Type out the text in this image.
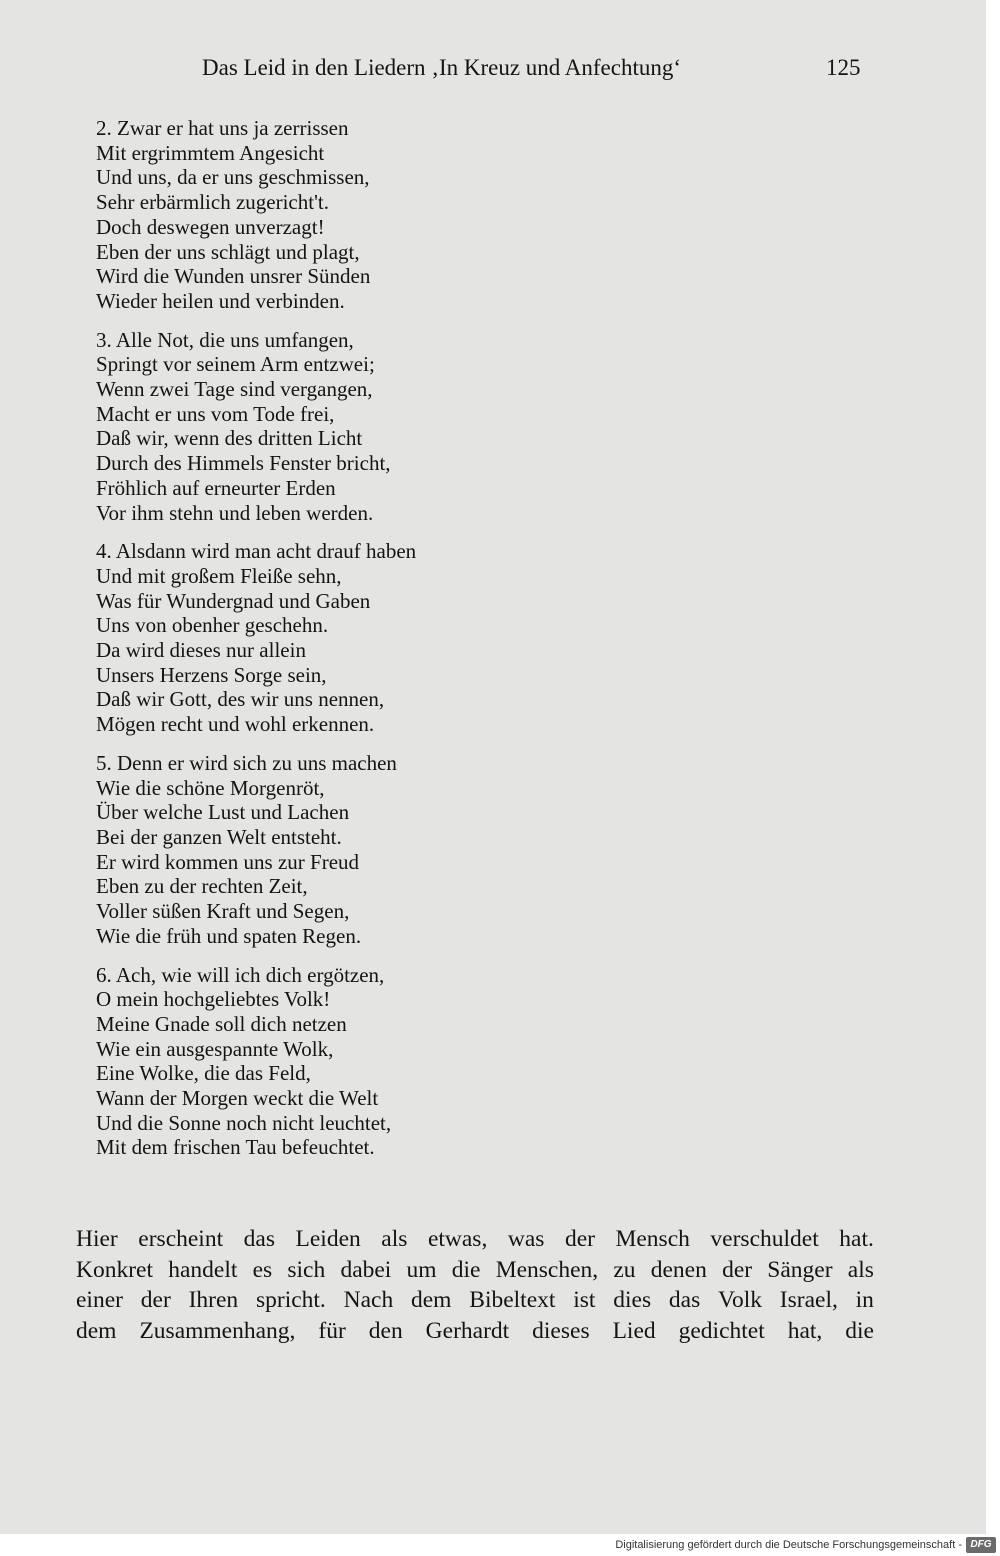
Das Leid in den Liedern ‚In Kreuz und Anfechtung‘	125
2. Zwar er hat uns ja zerrissen
Mit ergrimmtem Angesicht
Und uns, da er uns geschmissen,
Sehr erbärmlich zugericht't.
Doch deswegen unverzagt!
Eben der uns schlägt und plagt,
Wird die Wunden unsrer Sünden
Wieder heilen und verbinden.
3. Alle Not, die uns umfangen,
Springt vor seinem Arm entzwei;
Wenn zwei Tage sind vergangen,
Macht er uns vom Tode frei,
Daß wir, wenn des dritten Licht
Durch des Himmels Fenster bricht,
Fröhlich auf erneurter Erden
Vor ihm stehn und leben werden.
4. Alsdann wird man acht drauf haben
Und mit großem Fleiße sehn,
Was für Wundergnad und Gaben
Uns von obenher geschehn.
Da wird dieses nur allein
Unsers Herzens Sorge sein,
Daß wir Gott, des wir uns nennen,
Mögen recht und wohl erkennen.
5. Denn er wird sich zu uns machen
Wie die schöne Morgenröt,
Über welche Lust und Lachen
Bei der ganzen Welt entsteht.
Er wird kommen uns zur Freud
Eben zu der rechten Zeit,
Voller süßen Kraft und Segen,
Wie die früh und spaten Regen.
6. Ach, wie will ich dich ergötzen,
O mein hochgeliebtes Volk!
Meine Gnade soll dich netzen
Wie ein ausgespannte Wolk,
Eine Wolke, die das Feld,
Wann der Morgen weckt die Welt
Und die Sonne noch nicht leuchtet,
Mit dem frischen Tau befeuchtet.
Hier erscheint das Leiden als etwas, was der Mensch verschuldet hat.
Konkret handelt es sich dabei um die Menschen, zu denen der Sänger als
einer der Ihren spricht. Nach dem Bibeltext ist dies das Volk Israel, in
dem Zusammenhang, für den Gerhardt dieses Lied gedichtet hat, die
Digitalisierung gefördert durch die Deutsche Forschungsgemeinschaft - DFG
